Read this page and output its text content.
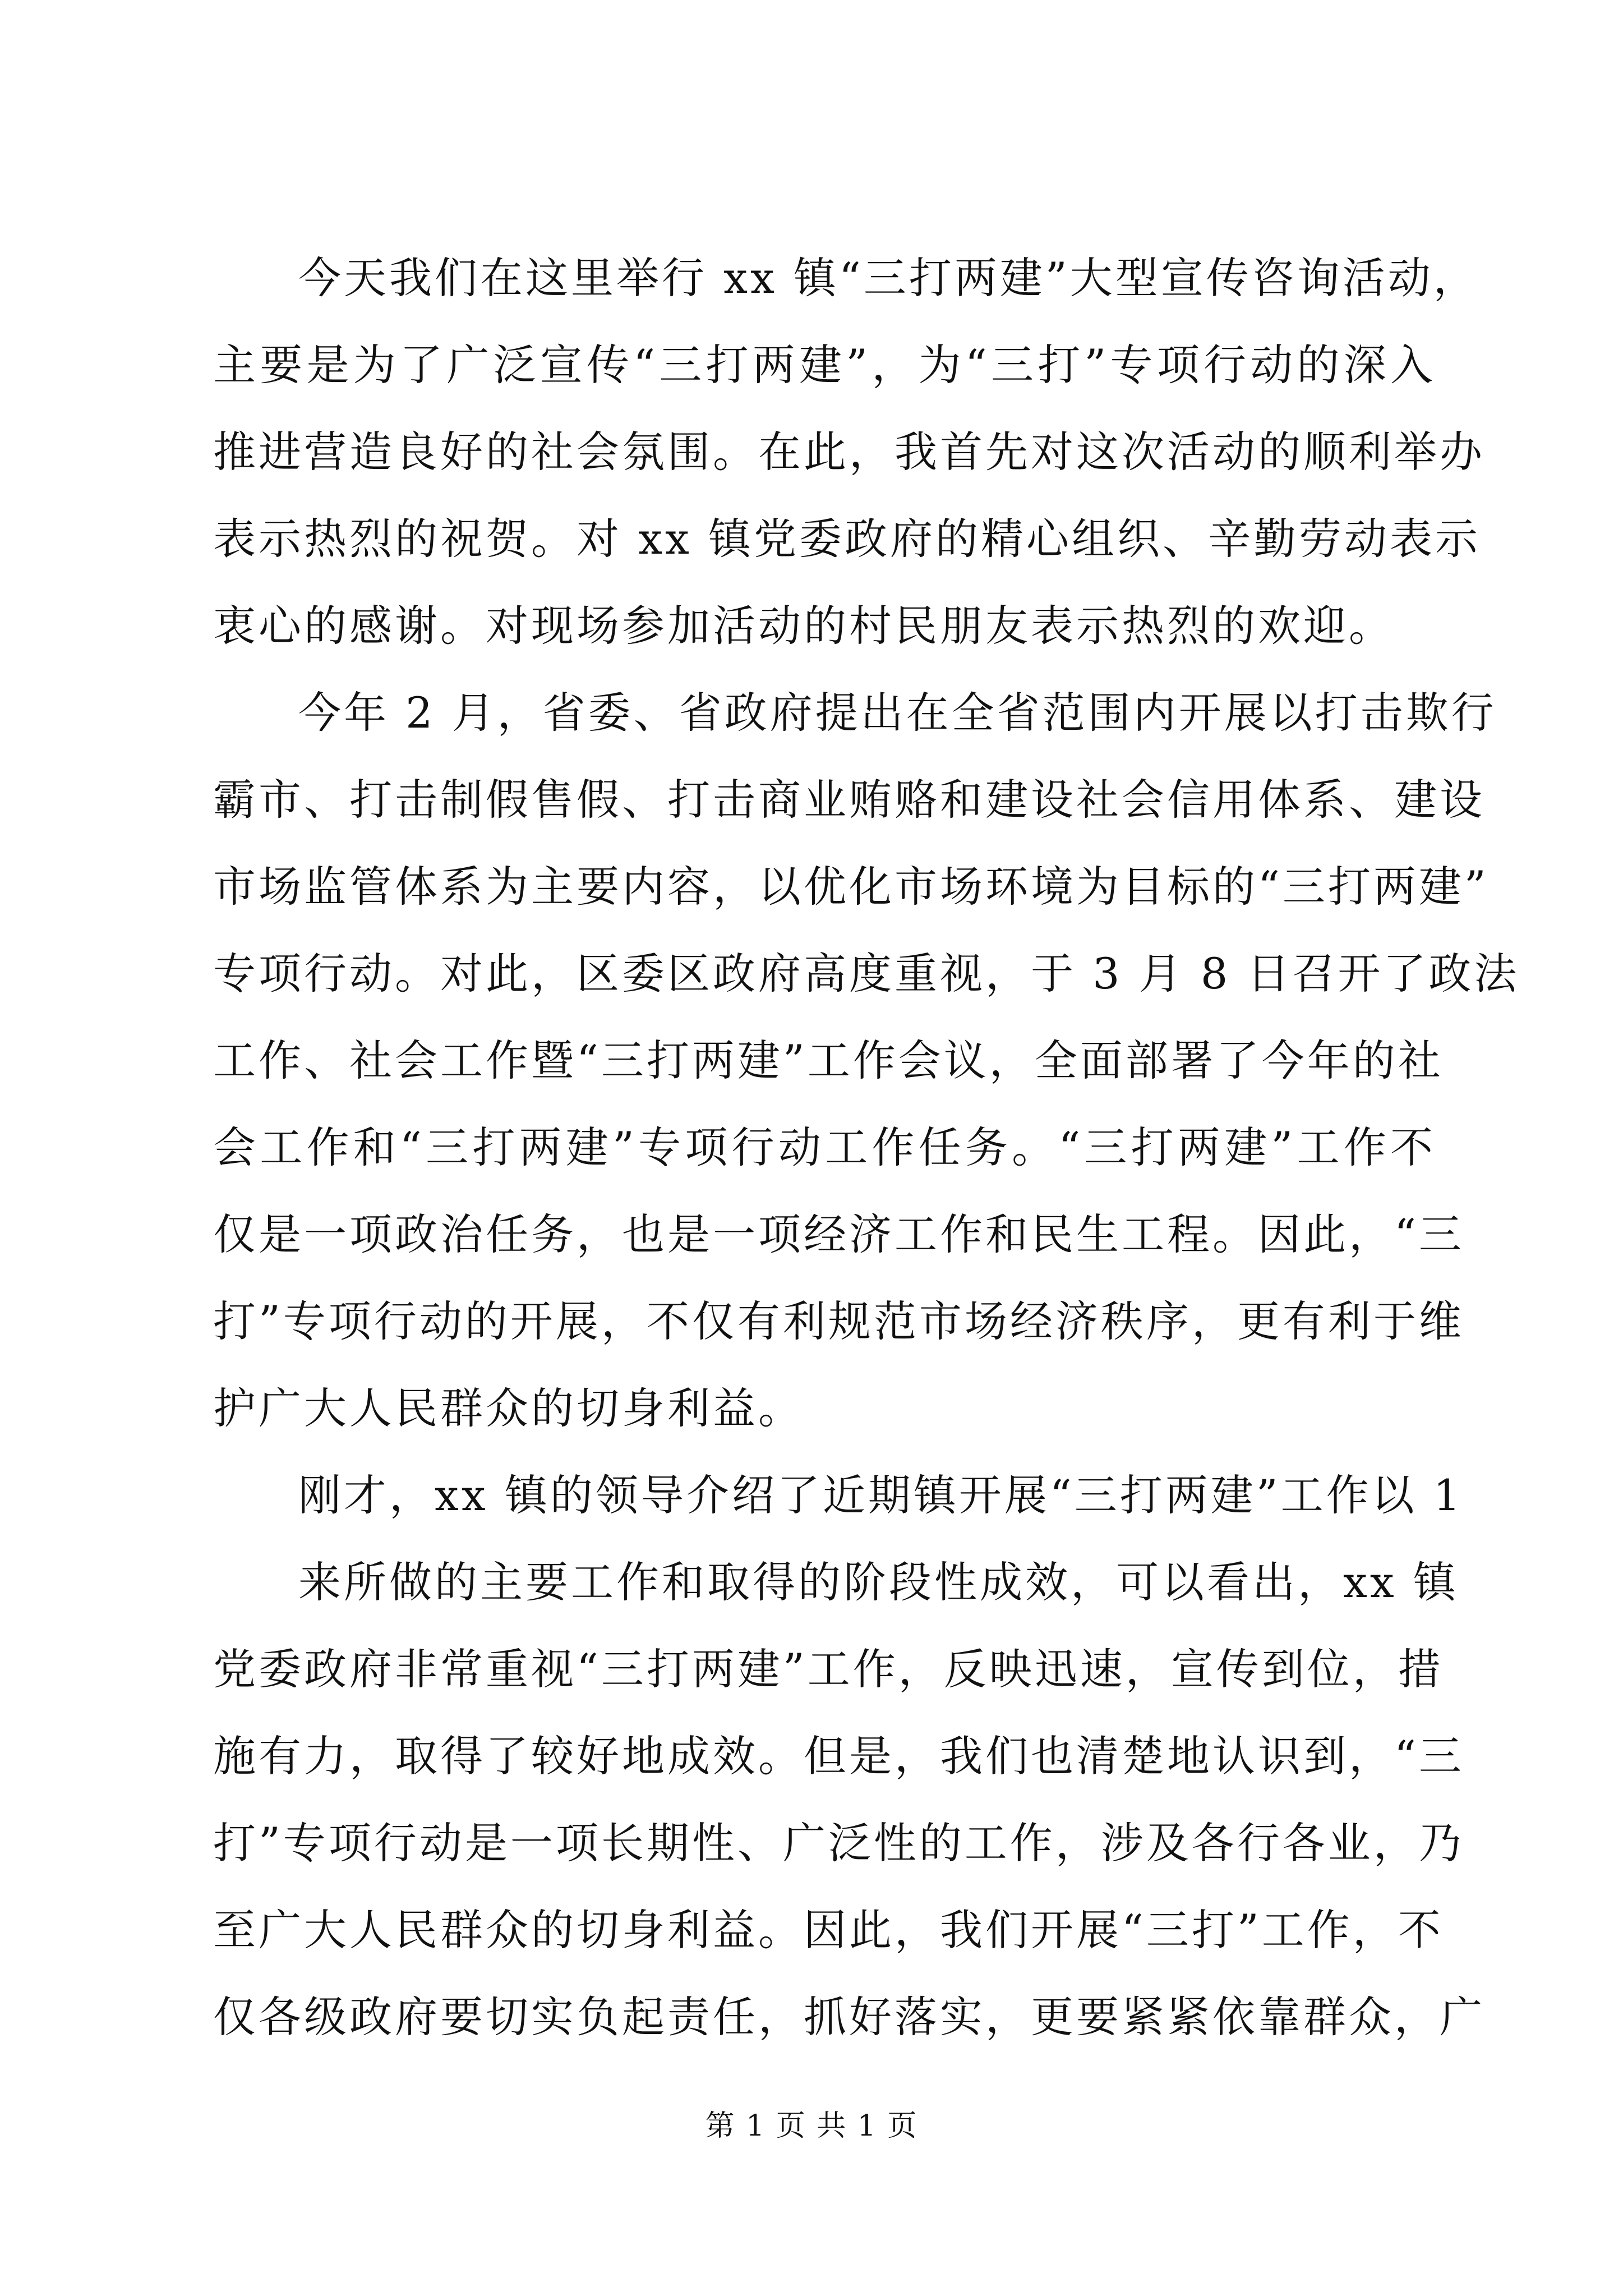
今天我们在这里举行 xx 镇“三打两建”大型宣传咨询活动，
主要是为了广泛宣传“三打两建”，为“三打”专项行动的深入
推进营造良好的社会氛围。在此，我首先对这次活动的顺利举办
表示热烈的祝贺。对 xx 镇党委政府的精心组织、辛勤劳动表示
衷心的感谢。对现场参加活动的村民朋友表示热烈的欢迎。
今年 2 月，省委、省政府提出在全省范围内开展以打击欺行
霸市、打击制假售假、打击商业贿赂和建设社会信用体系、建设
市场监管体系为主要内容，以优化市场环境为目标的“三打两建”
专项行动。对此，区委区政府高度重视，于 3 月 8 日召开了政法
工作、社会工作暨“三打两建”工作会议，全面部署了今年的社
会工作和“三打两建”专项行动工作任务。“三打两建”工作不
仅是一项政治任务，也是一项经济工作和民生工程。因此，“三
打”专项行动的开展，不仅有利规范市场经济秩序，更有利于维
护广大人民群众的切身利益。
刚才，xx 镇的领导介绍了近期镇开展“三打两建”工作以 1
来所做的主要工作和取得的阶段性成效，可以看出，xx 镇
党委政府非常重视“三打两建”工作，反映迅速，宣传到位，措
施有力，取得了较好地成效。但是，我们也清楚地认识到，“三
打”专项行动是一项长期性、广泛性的工作，涉及各行各业，乃
至广大人民群众的切身利益。因此，我们开展“三打”工作，不
仅各级政府要切实负起责任，抓好落实，更要紧紧依靠群众，广
第 1 页 共 1 页
